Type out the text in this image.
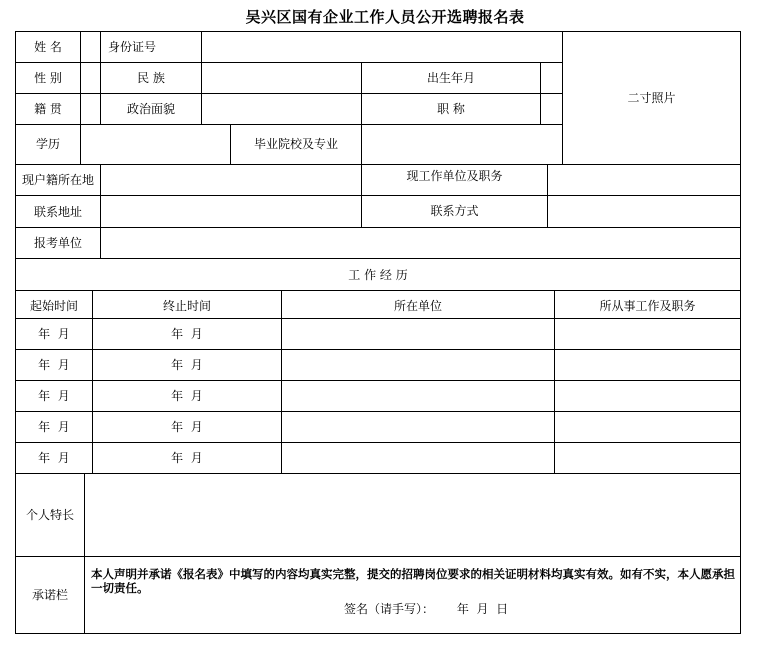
吴兴区国有企业工作人员公开选聘报名表
姓 名	身份证号
二寸照片
性 别	民 族	出生年月
籍 贯	政治面貌	职 称
学历	毕业院校及专业
现户籍所在地	现工作单位及职务
联系地址	联系方式
报考单位
工 作 经 历
起始时间	终止时间	所在单位	所从事工作及职务
年  月	年  月
年  月	年  月
年  月	年  月
年  月	年  月
年  月	年  月
个人特长
承诺栏
本人声明并承诺《报名表》中填写的内容均真实完整，提交的招聘岗位要求的相关证明材料均真实有效。如有不实，本人愿承担一切责任。
签名（请手写）：      年  月  日
